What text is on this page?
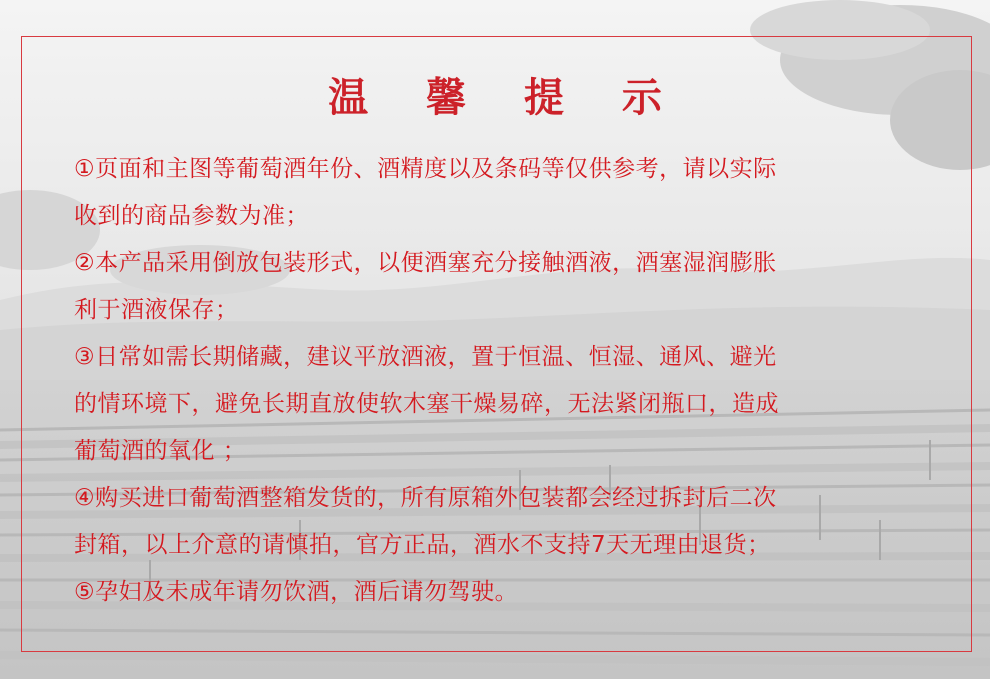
温 馨 提 示
①页面和主图等葡萄酒年份、酒精度以及条码等仅供参考，请以实际
收到的商品参数为准；
②本产品采用倒放包装形式，以便酒塞充分接触酒液，酒塞湿润膨胀
利于酒液保存；
③日常如需长期储藏，建议平放酒液，置于恒温、恒湿、通风、避光
的情环境下，避免长期直放使软木塞干燥易碎，无法紧闭瓶口，造成
葡萄酒的氧化 ；
④购买进口葡萄酒整箱发货的，所有原箱外包装都会经过拆封后二次
封箱，以上介意的请慎拍，官方正品，酒水不支持7天无理由退货；
⑤孕妇及未成年请勿饮酒，酒后请勿驾驶。
